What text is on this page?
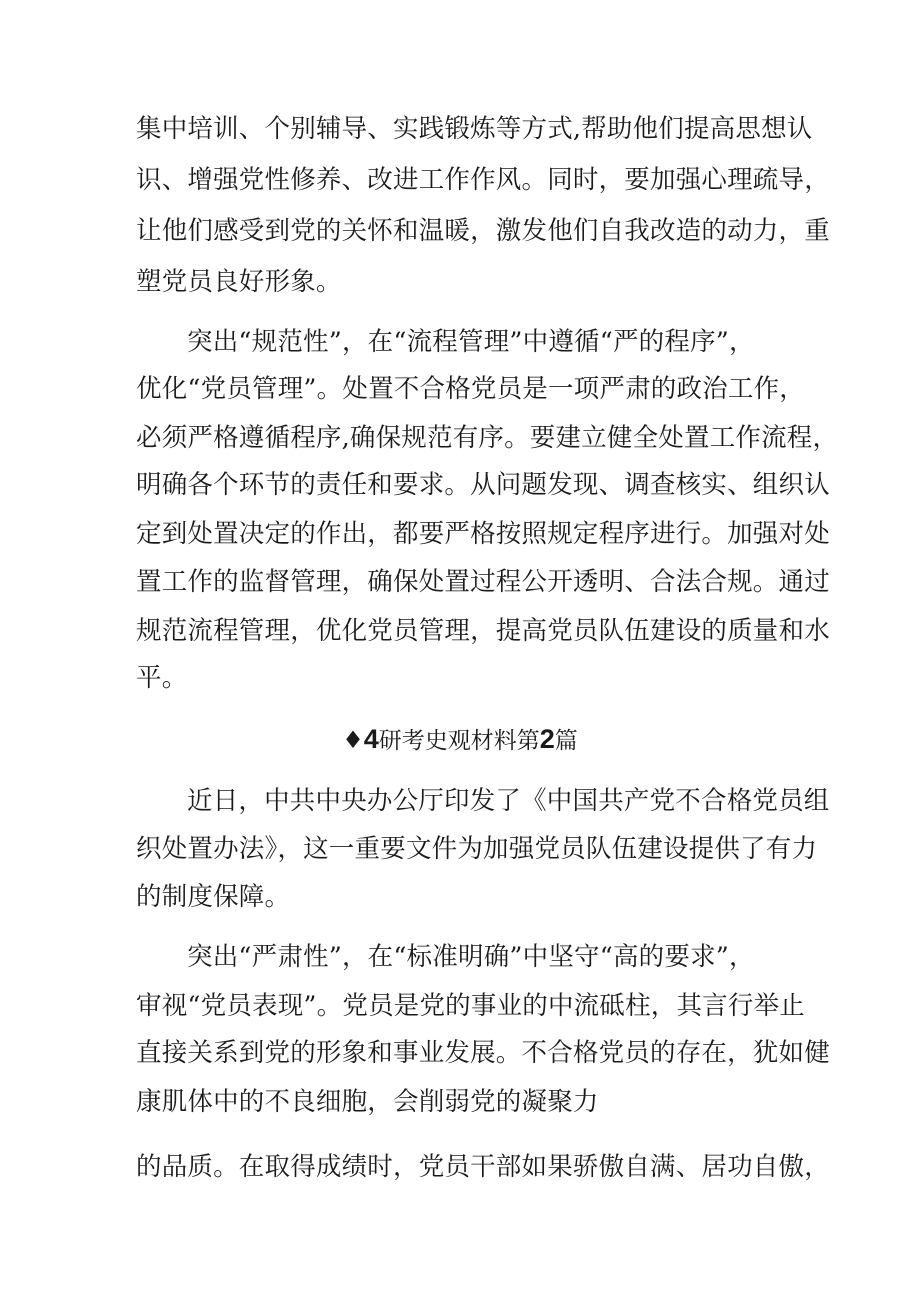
集中培训、个别辅导、实践锻炼等方式,帮助他们提高思想认
识、增强党性修养、改进工作作风。同时，要加强心理疏导，
让他们感受到党的关怀和温暖，激发他们自我改造的动力，重
塑党员良好形象。
突出“规范性”，在“流程管理”中遵循“严的程序”，
优化“党员管理”。处置不合格党员是一项严肃的政治工作，
必须严格遵循程序,确保规范有序。要建立健全处置工作流程，
明确各个环节的责任和要求。从问题发现、调查核实、组织认
定到处置决定的作出，都要严格按照规定程序进行。加强对处
置工作的监督管理，确保处置过程公开透明、合法合规。通过
规范流程管理，优化党员管理，提高党员队伍建设的质量和水
平。
♦4研考史观材料第2篇
近日，中共中央办公厅印发了《中国共产党不合格党员组
织处置办法》，这一重要文件为加强党员队伍建设提供了有力
的制度保障。
突出“严肃性”，在“标准明确”中坚守“高的要求”，
审视“党员表现”。党员是党的事业的中流砥柱，其言行举止
直接关系到党的形象和事业发展。不合格党员的存在，犹如健
康肌体中的不良细胞，会削弱党的凝聚力
的品质。在取得成绩时，党员干部如果骄傲自满、居功自傲，
